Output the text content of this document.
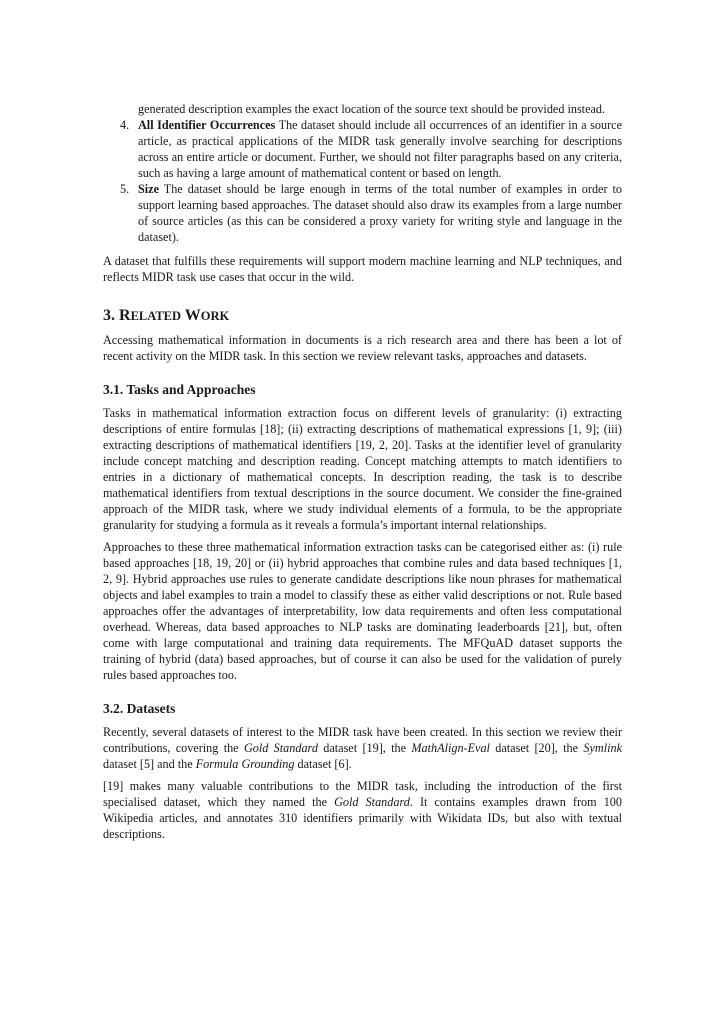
generated description examples the exact location of the source text should be provided instead.

4. All Identifier Occurrences The dataset should include all occurrences of an identifier in a source article, as practical applications of the MIDR task generally involve searching for descriptions across an entire article or document. Further, we should not filter paragraphs based on any criteria, such as having a large amount of mathematical content or based on length.

5. Size The dataset should be large enough in terms of the total number of examples in order to support learning based approaches. The dataset should also draw its examples from a large number of source articles (as this can be considered a proxy variety for writing style and language in the dataset).

A dataset that fulfills these requirements will support modern machine learning and NLP techniques, and reflects MIDR task use cases that occur in the wild.

3. RELATED WORK

Accessing mathematical information in documents is a rich research area and there has been a lot of recent activity on the MIDR task. In this section we review relevant tasks, approaches and datasets.

3.1. Tasks and Approaches

Tasks in mathematical information extraction focus on different levels of granularity: (i) extracting descriptions of entire formulas [18]; (ii) extracting descriptions of mathematical expressions [1, 9]; (iii) extracting descriptions of mathematical identifiers [19, 2, 20]. Tasks at the identifier level of granularity include concept matching and description reading. Concept matching attempts to match identifiers to entries in a dictionary of mathematical concepts. In description reading, the task is to describe mathematical identifiers from textual descriptions in the source document. We consider the fine-grained approach of the MIDR task, where we study individual elements of a formula, to be the appropriate granularity for studying a formula as it reveals a formula’s important internal relationships.

Approaches to these three mathematical information extraction tasks can be categorised either as: (i) rule based approaches [18, 19, 20] or (ii) hybrid approaches that combine rules and data based techniques [1, 2, 9]. Hybrid approaches use rules to generate candidate descriptions like noun phrases for mathematical objects and label examples to train a model to classify these as either valid descriptions or not. Rule based approaches offer the advantages of interpretability, low data requirements and often less computational overhead. Whereas, data based approaches to NLP tasks are dominating leaderboards [21], but, often come with large computational and training data requirements. The MFQuAD dataset supports the training of hybrid (data) based approaches, but of course it can also be used for the validation of purely rules based approaches too.

3.2. Datasets

Recently, several datasets of interest to the MIDR task have been created. In this section we review their contributions, covering the Gold Standard dataset [19], the MathAlign-Eval dataset [20], the Symlink dataset [5] and the Formula Grounding dataset [6].

[19] makes many valuable contributions to the MIDR task, including the introduction of the first specialised dataset, which they named the Gold Standard. It contains examples drawn from 100 Wikipedia articles, and annotates 310 identifiers primarily with Wikidata IDs, but also with textual descriptions.
